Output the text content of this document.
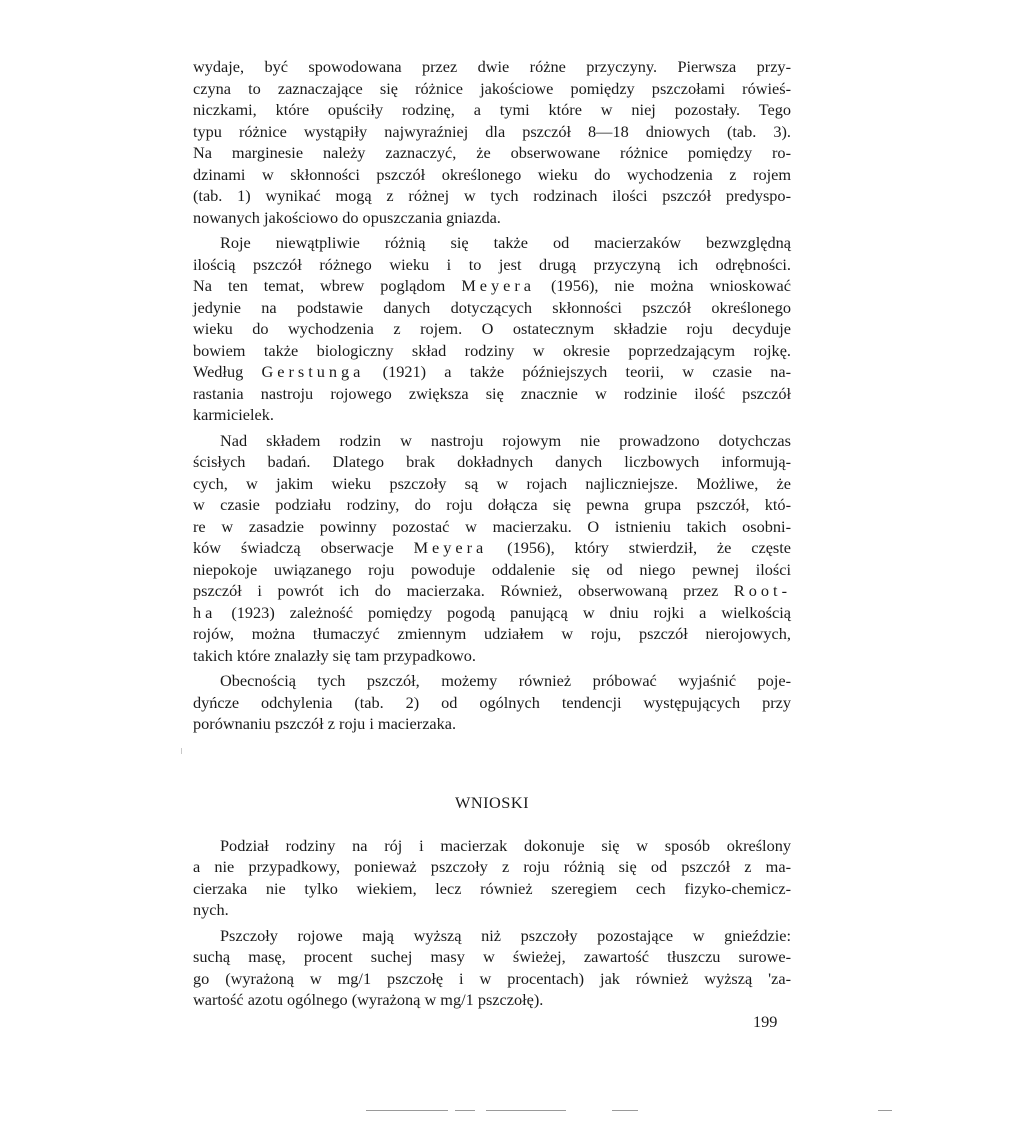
wydaje, być spowodowana przez dwie różne przyczyny. Pierwsza przy-
czyna to zaznaczające się różnice jakościowe pomiędzy pszczołami rówieś-
niczkami, które opuściły rodzinę, a tymi które w niej pozostały. Tego
typu różnice wystąpiły najwyraźniej dla pszczół 8—18 dniowych (tab. 3).
Na marginesie należy zaznaczyć, że obserwowane różnice pomiędzy ro-
dzinami w skłonności pszczół określonego wieku do wychodzenia z rojem
(tab. 1) wynikać mogą z różnej w tych rodzinach ilości pszczół predyspo-
nowanych jakościowo do opuszczania gniazda.

Roje niewątpliwie różnią się także od macierzaków bezwzględną
ilością pszczół różnego wieku i to jest drugą przyczyną ich odrębności.
Na ten temat, wbrew poglądom Meyera (1956), nie można wnioskować
jedynie na podstawie danych dotyczących skłonności pszczół określonego
wieku do wychodzenia z rojem. O ostatecznym składzie roju decyduje
bowiem także biologiczny skład rodziny w okresie poprzedzającym rojkę.
Według Gerstunga (1921) a także późniejszych teorii, w czasie na-
rastania nastroju rojowego zwiększa się znacznie w rodzinie ilość pszczół
karmicielek.

Nad składem rodzin w nastroju rojowym nie prowadzono dotychczas
ścisłych badań. Dlatego brak dokładnych danych liczbowych informują-
cych, w jakim wieku pszczoły są w rojach najliczniejsze. Możliwe, że
w czasie podziału rodziny, do roju dołącza się pewna grupa pszczół, któ-
re w zasadzie powinny pozostać w macierzaku. O istnieniu takich osobni-
ków świadczą obserwacje Meyera (1956), który stwierdził, że częste
niepokoje uwiązanego roju powoduje oddalenie się od niego pewnej ilości
pszczół i powrót ich do macierzaka. Również, obserwowaną przez Root-
ha (1923) zależność pomiędzy pogodą panującą w dniu rojki a wielkością
rojów, można tłumaczyć zmiennym udziałem w roju, pszczół nierojowych,
takich które znalazły się tam przypadkowo.

Obecnością tych pszczół, możemy również próbować wyjaśnić poje-
dyńcze odchylenia (tab. 2) od ogólnych tendencji występujących przy
porównaniu pszczół z roju i macierzaka.

WNIOSKI

Podział rodziny na rój i macierzak dokonuje się w sposób określony
a nie przypadkowy, ponieważ pszczoły z roju różnią się od pszczół z ma-
cierzaka nie tylko wiekiem, lecz również szeregiem cech fizyko-chemicz-
nych.

Pszczoły rojowe mają wyższą niż pszczoły pozostające w gnieździe:
suchą masę, procent suchej masy w świeżej, zawartość tłuszczu surowe-
go (wyrażoną w mg/1 pszczołę i w procentach) jak również wyższą 'za-
wartość azotu ogólnego (wyrażoną w mg/1 pszczołę).

199
